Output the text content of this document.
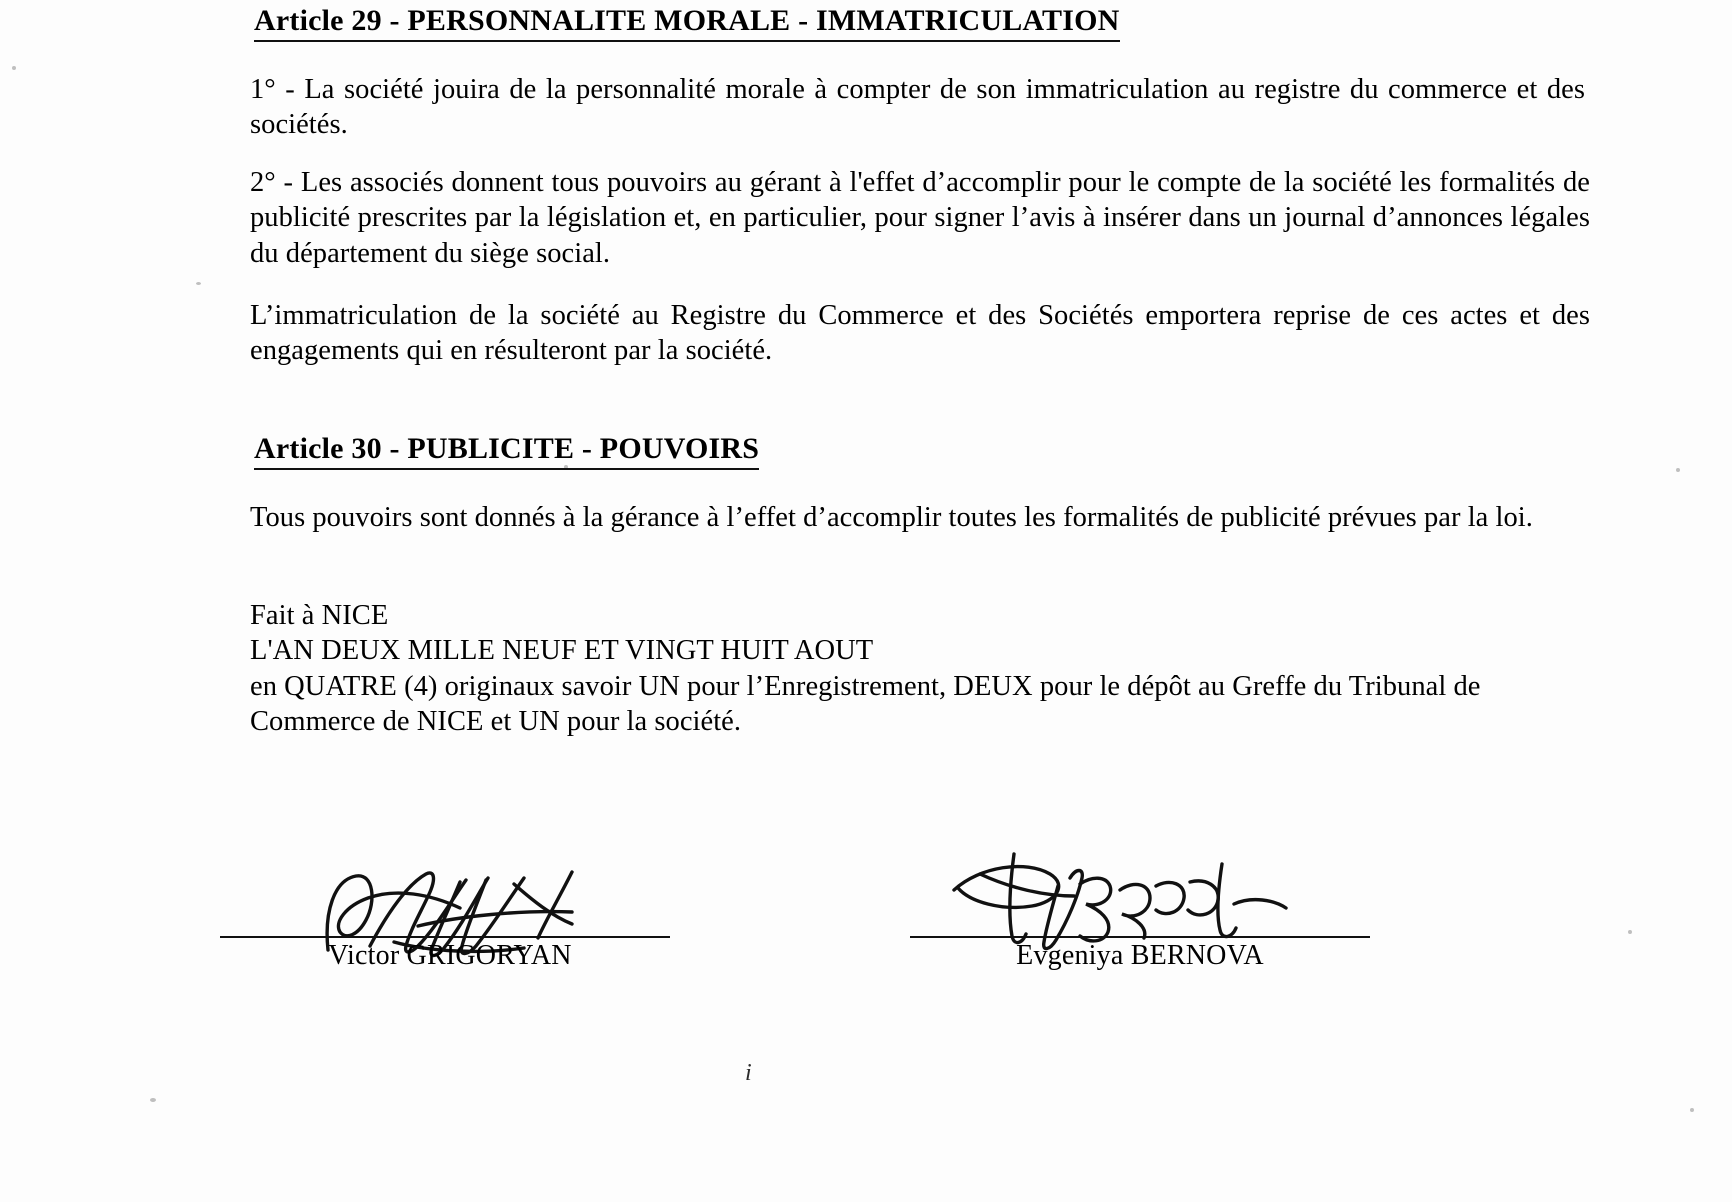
Article 29 - PERSONNALITE MORALE - IMMATRICULATION

1° - La société jouira de la personnalité morale à compter de son immatriculation au registre du commerce et des sociétés.

2° - Les associés donnent tous pouvoirs au gérant à l'effet d’accomplir pour le compte de la société les formalités de publicité prescrites par la législation et, en particulier, pour signer l’avis à insérer dans un journal d’annonces légales du département du siège social.

L’immatriculation de la société au Registre du Commerce et des Sociétés emportera reprise de ces actes et des engagements qui en résulteront par la société.

Article 30 - PUBLICITE - POUVOIRS

Tous pouvoirs sont donnés à la gérance à l’effet d’accomplir toutes les formalités de publicité prévues par la loi.

Fait à NICE
L'AN DEUX MILLE NEUF ET VINGT HUIT AOUT
en QUATRE (4) originaux savoir UN pour l’Enregistrement, DEUX pour le dépôt au Greffe du Tribunal de Commerce de NICE et UN pour la société.
Victor GRIGORYAN	Evgeniya BERNOVA
i
